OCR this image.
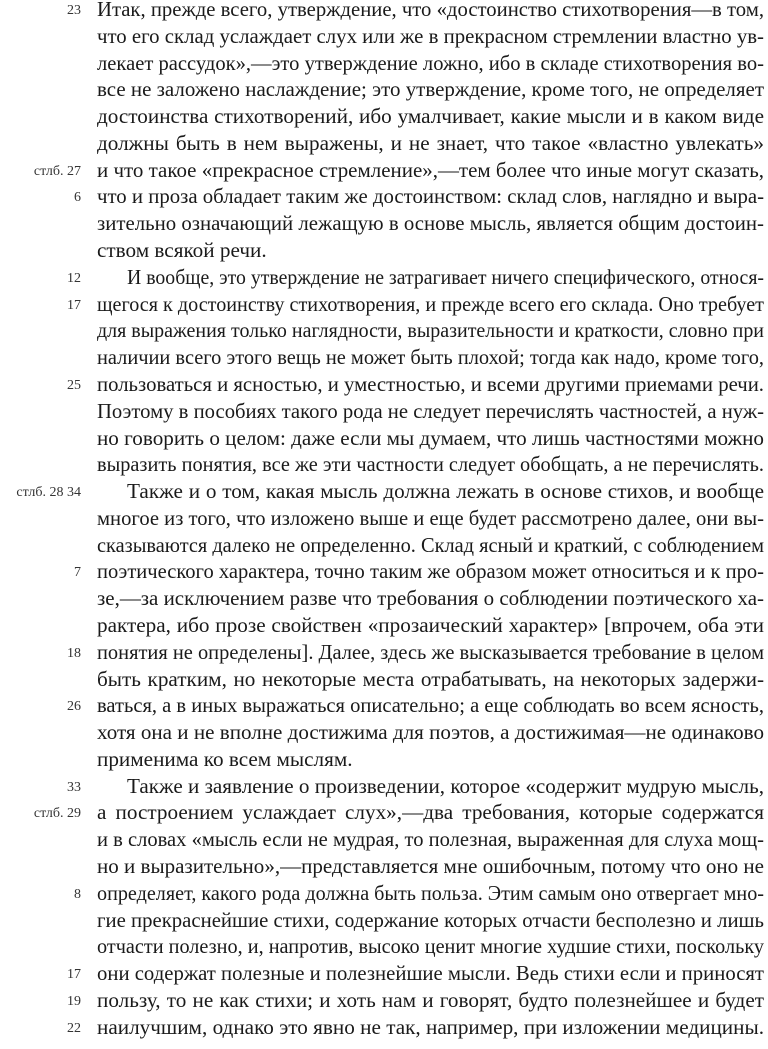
23 Итак, прежде всего, утверждение, что «достоинство стихотворения—в том,
что его склад услаждает слух или же в прекрасном стремлении властно ув-
лекает рассудок»,—это утверждение ложно, ибо в складе стихотворения во-
все не заложено наслаждение; это утверждение, кроме того, не определяет
достоинства стихотворений, ибо умалчивает, какие мысли и в каком виде
должны быть в нем выражены, и не знает, что такое «властно увлекать»
стлб. 27 и что такое «прекрасное стремление»,—тем более что иные могут сказать,
6 что и проза обладает таким же достоинством: склад слов, наглядно и выра-
зительно означающий лежащую в основе мысль, является общим достоин-
ством всякой речи.
12 И вообще, это утверждение не затрагивает ничего специфического, относя-
17 щегося к достоинству стихотворения, и прежде всего его склада. Оно требует
для выражения только наглядности, выразительности и краткости, словно при
наличии всего этого вещь не может быть плохой; тогда как надо, кроме того,
25 пользоваться и ясностью, и уместностью, и всеми другими приемами речи.
Поэтому в пособиях такого рода не следует перечислять частностей, а нуж-
но говорить о целом: даже если мы думаем, что лишь частностями можно
выразить понятия, все же эти частности следует обобщать, а не перечислять.
стлб. 28 34 Также и о том, какая мысль должна лежать в основе стихов, и вообще
многое из того, что изложено выше и еще будет рассмотрено далее, они вы-
сказываются далеко не определенно. Склад ясный и краткий, с соблюдением
7 поэтического характера, точно таким же образом может относиться и к про-
зе,—за исключением разве что требования о соблюдении поэтического ха-
рактера, ибо прозе свойствен «прозаический характер» [впрочем, оба эти
18 понятия не определены]. Далее, здесь же высказывается требование в целом
быть кратким, но некоторые места отрабатывать, на некоторых задержи-
26 ваться, а в иных выражаться описательно; а еще соблюдать во всем ясность,
хотя она и не вполне достижима для поэтов, а достижимая—не одинаково
применима ко всем мыслям.
33 Также и заявление о произведении, которое «содержит мудрую мысль,
стлб. 29 а построением услаждает слух»,—два требования, которые содержатся
и в словах «мысль если не мудрая, то полезная, выраженная для слуха мощ-
но и выразительно»,—представляется мне ошибочным, потому что оно не
8 определяет, какого рода должна быть польза. Этим самым оно отвергает мно-
гие прекраснейшие стихи, содержание которых отчасти бесполезно и лишь
отчасти полезно, и, напротив, высоко ценит многие худшие стихи, поскольку
17 они содержат полезные и полезнейшие мысли. Ведь стихи если и приносят
19 пользу, то не как стихи; и хоть нам и говорят, будто полезнейшее и будет
22 наилучшим, однако это явно не так, например, при изложении медицины.
